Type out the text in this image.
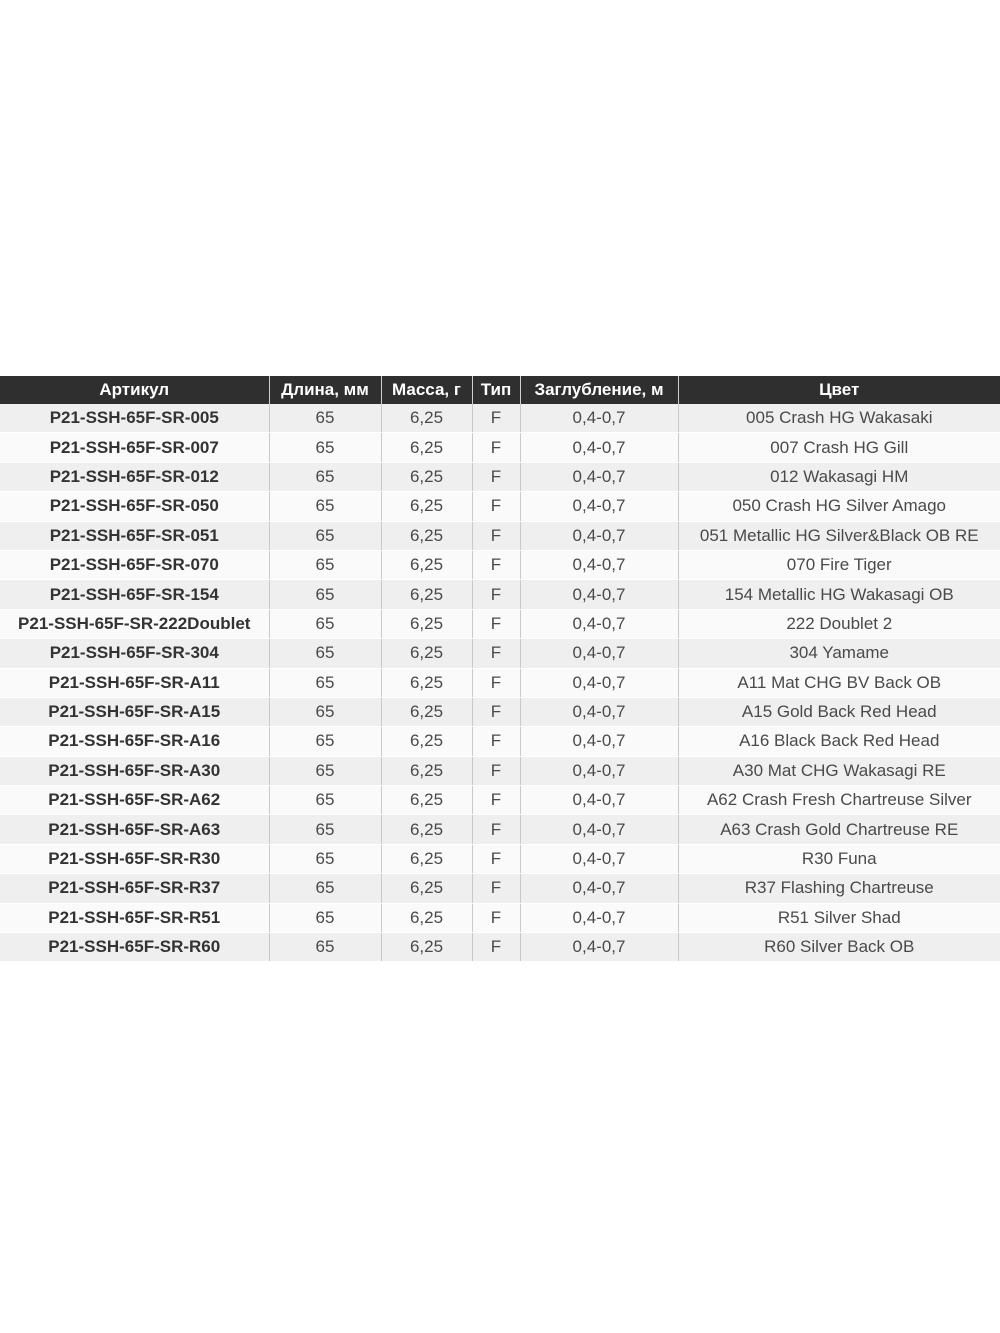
Артикул	Длина, мм	Масса, г	Тип	Заглубление, м	Цвет
P21-SSH-65F-SR-005	65	6,25	F	0,4-0,7	005 Crash HG Wakasaki
P21-SSH-65F-SR-007	65	6,25	F	0,4-0,7	007 Crash HG Gill
P21-SSH-65F-SR-012	65	6,25	F	0,4-0,7	012 Wakasagi HM
P21-SSH-65F-SR-050	65	6,25	F	0,4-0,7	050 Crash HG Silver Amago
P21-SSH-65F-SR-051	65	6,25	F	0,4-0,7	051 Metallic HG Silver&Black OB RE
P21-SSH-65F-SR-070	65	6,25	F	0,4-0,7	070 Fire Tiger
P21-SSH-65F-SR-154	65	6,25	F	0,4-0,7	154 Metallic HG Wakasagi OB
P21-SSH-65F-SR-222Doublet	65	6,25	F	0,4-0,7	222 Doublet 2
P21-SSH-65F-SR-304	65	6,25	F	0,4-0,7	304 Yamame
P21-SSH-65F-SR-A11	65	6,25	F	0,4-0,7	A11 Mat CHG BV Back OB
P21-SSH-65F-SR-A15	65	6,25	F	0,4-0,7	A15 Gold Back Red Head
P21-SSH-65F-SR-A16	65	6,25	F	0,4-0,7	A16 Black Back Red Head
P21-SSH-65F-SR-A30	65	6,25	F	0,4-0,7	A30 Mat CHG Wakasagi RE
P21-SSH-65F-SR-A62	65	6,25	F	0,4-0,7	A62 Crash Fresh Chartreuse Silver
P21-SSH-65F-SR-A63	65	6,25	F	0,4-0,7	A63 Crash Gold Chartreuse RE
P21-SSH-65F-SR-R30	65	6,25	F	0,4-0,7	R30 Funa
P21-SSH-65F-SR-R37	65	6,25	F	0,4-0,7	R37 Flashing Chartreuse
P21-SSH-65F-SR-R51	65	6,25	F	0,4-0,7	R51 Silver Shad
P21-SSH-65F-SR-R60	65	6,25	F	0,4-0,7	R60 Silver Back OB
